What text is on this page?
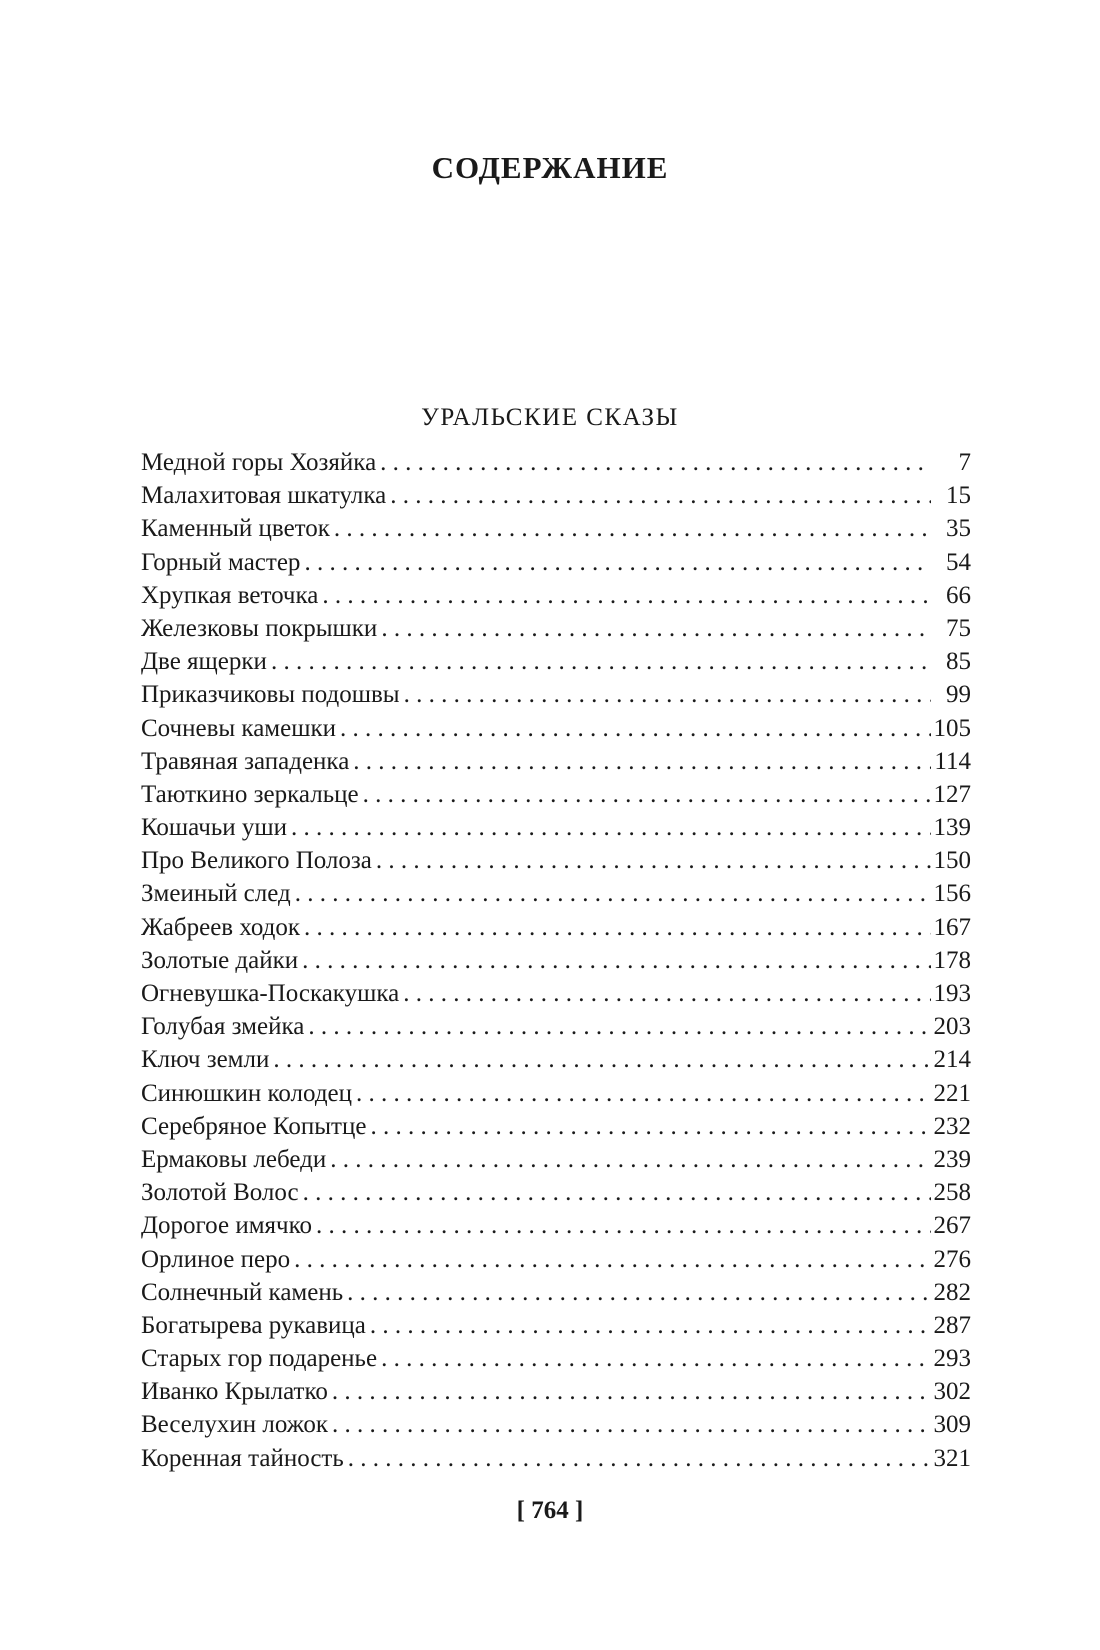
СОДЕРЖАНИЕ
УРАЛЬСКИЕ СКАЗЫ
Медной горы Хозяйка . . .	7
Малахитовая шкатулка . . .	15
Каменный цветок . . .	35
Горный мастер . . .	54
Хрупкая веточка . . .	66
Железковы покрышки . . .	75
Две ящерки . . .	85
Приказчиковы подошвы . . .	99
Сочневы камешки . . .	105
Травяная западенка . . .	114
Таюткино зеркальце . . .	127
Кошачьи уши . . .	139
Про Великого Полоза . . .	150
Змеиный след . . .	156
Жабреев ходок . . .	167
Золотые дайки . . .	178
Огневушка-Поскакушка . . .	193
Голубая змейка . . .	203
Ключ земли . . .	214
Синюшкин колодец . . .	221
Серебряное Копытце . . .	232
Ермаковы лебеди . . .	239
Золотой Волос . . .	258
Дорогое имячко . . .	267
Орлиное перо . . .	276
Солнечный камень . . .	282
Богатырева рукавица . . .	287
Старых гор подаренье . . .	293
Иванко Крылатко . . .	302
Веселухин ложок . . .	309
Коренная тайность . . .	321
[ 764 ]
